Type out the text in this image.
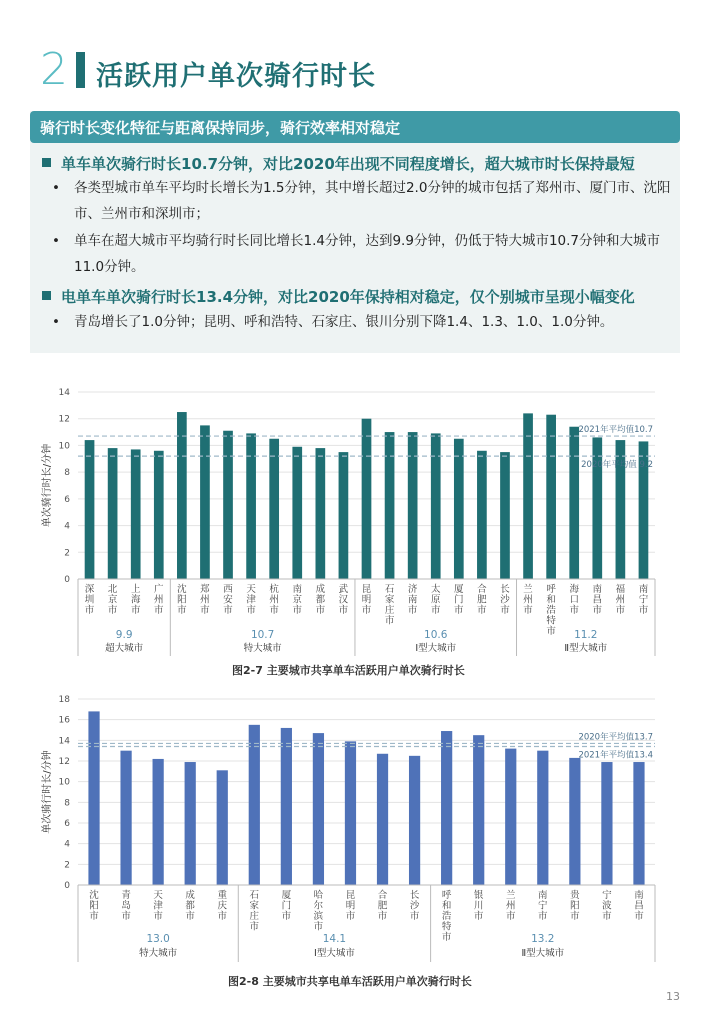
2 活跃用户单次骑行时长
骑行时长变化特征与距离保持同步，骑行效率相对稳定
单车单次骑行时长10.7分钟，对比2020年出现不同程度增长，超大城市时长保持最短
•	各类型城市单车平均时长增长为1.5分钟，其中增长超过2.0分钟的城市包括了郑州市、厦门市、沈阳市、兰州市和深圳市；
•	单车在超大城市平均骑行时长同比增长1.4分钟，达到9.9分钟，仍低于特大城市10.7分钟和大城市11.0分钟。
电单车单次骑行时长13.4分钟，对比2020年保持相对稳定，仅个别城市呈现小幅变化
•	青岛增长了1.0分钟；昆明、呼和浩特、石家庄、银川分别下降1.4、1.3、1.0、1.0分钟。
0
2
4
6
8
10
12
14
单次骑行时长/分钟
深
圳
市
北
京
市
上
海
市
广
州
市
沈
阳
市
郑
州
市
西
安
市
天
津
市
杭
州
市
南
京
市
成
都
市
武
汉
市
昆
明
市
石
家
庄
市
济
南
市
太
原
市
厦
门
市
合
肥
市
长
沙
市
兰
州
市
呼
和
浩
特
市
海
口
市
南
昌
市
福
州
市
南
宁
市
9.9
超大城市
10.7
特大城市
10.6
Ⅰ型大城市
11.2
Ⅱ型大城市
2021年平均值10.7
2020年平均值 9.2
图2-7 主要城市共享单车活跃用户单次骑行时长
0
2
4
6
8
10
12
14
16
18
单次骑行时长/分钟
沈
阳
市
青
岛
市
天
津
市
成
都
市
重
庆
市
石
家
庄
市
厦
门
市
哈
尔
滨
市
昆
明
市
合
肥
市
长
沙
市
呼
和
浩
特
市
银
川
市
兰
州
市
南
宁
市
贵
阳
市
宁
波
市
南
昌
市
13.0
特大城市
14.1
Ⅰ型大城市
13.2
Ⅱ型大城市
2020年平均值13.7
2021年平均值13.4
图2-8 主要城市共享电单车活跃用户单次骑行时长
13
